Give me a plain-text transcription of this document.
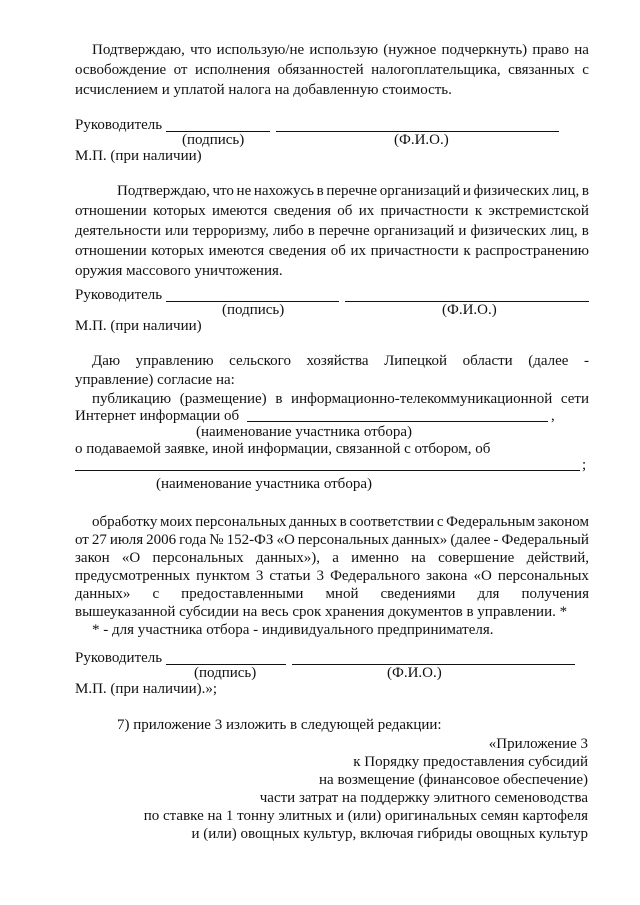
Подтверждаю, что использую/не использую (нужное подчеркнуть) право на
освобождение от исполнения обязанностей налогоплательщика, связанных с
исчислением и уплатой налога на добавленную стоимость.
Руководитель
(подпись)	(Ф.И.О.)
М.П. (при наличии)
Подтверждаю, что не нахожусь в перечне организаций и физических лиц, в
отношении которых имеются сведения об их причастности к экстремистской
деятельности или терроризму, либо в перечне организаций и физических лиц, в
отношении которых имеются сведения об их причастности к распространению
оружия массового уничтожения.
Руководитель
(подпись)	(Ф.И.О.)
М.П. (при наличии)
Даю управлению сельского хозяйства Липецкой области (далее -
управление) согласие на:
публикацию (размещение) в информационно-телекоммуникационной сети
Интернет информации об	,
(наименование участника отбора)
о подаваемой заявке, иной информации, связанной с отбором, об
;
(наименование участника отбора)
обработку моих персональных данных в соответствии с Федеральным законом
от 27 июля 2006 года № 152-ФЗ «О персональных данных» (далее - Федеральный
закон «О персональных данных»), а именно на совершение действий,
предусмотренных пунктом 3 статьи 3 Федерального закона «О персональных
данных» с предоставленными мной сведениями для получения
вышеуказанной субсидии на весь срок хранения документов в управлении. *
* - для участника отбора - индивидуального предпринимателя.
Руководитель
(подпись)	(Ф.И.О.)
М.П. (при наличии).»;
7) приложение 3 изложить в следующей редакции:
«Приложение 3
к Порядку предоставления субсидий
на возмещение (финансовое обеспечение)
части затрат на поддержку элитного семеноводства
по ставке на 1 тонну элитных и (или) оригинальных семян картофеля
и (или) овощных культур, включая гибриды овощных культур
